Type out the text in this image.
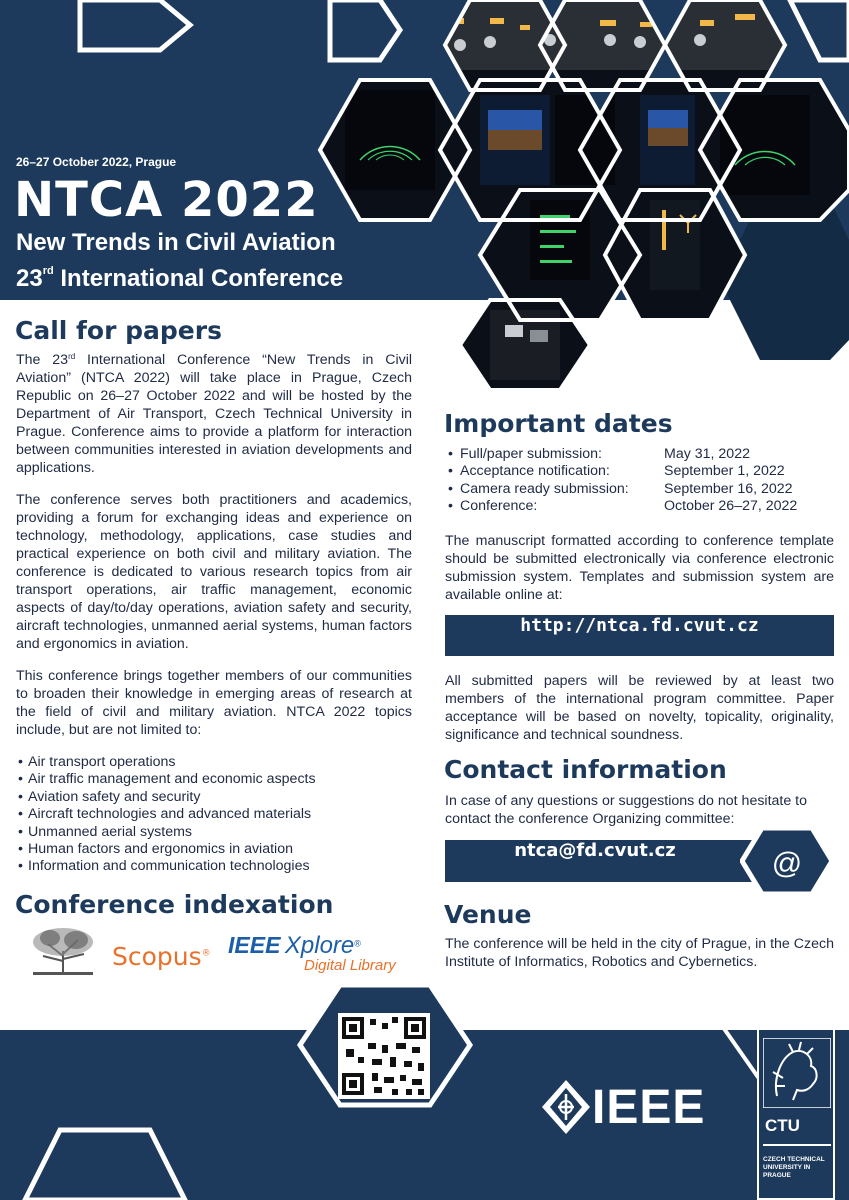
26–27 October 2022, Prague
NTCA 2022
New Trends in Civil Aviation
23rd International Conference
Call for papers
The 23rd International Conference “New Trends in Civil Aviation” (NTCA 2022) will take place in Prague, Czech Republic on 26–27 October 2022 and will be hosted by the Department of Air Transport, Czech Technical University in Prague. Conference aims to provide a platform for interaction between communities interested in aviation developments and applications.
The conference serves both practitioners and academics, providing a forum for exchanging ideas and experience on technology, methodology, applications, case studies and practical experience on both civil and military aviation. The conference is dedicated to various research topics from air transport operations, air traffic management, economic aspects of day/to/day operations, aviation safety and security, aircraft technologies, unmanned aerial systems, human factors and ergonomics in aviation.
This conference brings together members of our communities to broaden their knowledge in emerging areas of research at the field of civil and military aviation. NTCA 2022 topics include, but are not limited to:
• Air transport operations
• Air traffic management and economic aspects
• Aviation safety and security
• Aircraft technologies and advanced materials
• Unmanned aerial systems
• Human factors and ergonomics in aviation
• Information and communication technologies
Conference indexation
Scopus® IEEE Xplore®
Digital Library
Important dates
• Full/paper submission:	May 31, 2022
• Acceptance notification:	September 1, 2022
• Camera ready submission:	September 16, 2022
• Conference:	October 26–27, 2022
The manuscript formatted according to conference template should be submitted electronically via conference electronic submission system. Templates and submission system are available online at:
http://ntca.fd.cvut.cz
All submitted papers will be reviewed by at least two members of the international program committee. Paper acceptance will be based on novelty, topicality, originality, significance and technical soundness.
Contact information
In case of any questions or suggestions do not hesitate to contact the conference Organizing committee:
@
ntca@fd.cvut.cz
Venue
The conference will be held in the city of Prague, in the Czech Institute of Informatics, Robotics and Cybernetics.
IEEE	CTU
CZECH TECHNICAL UNIVERSITY IN PRAGUE
